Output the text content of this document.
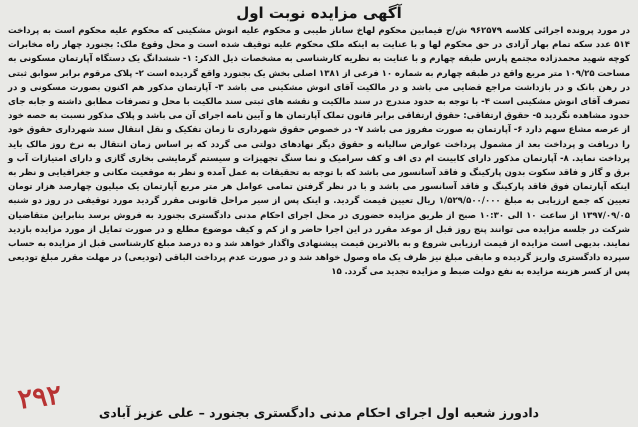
آگهی مزایده نوبت اول

در مورد پرونده اجرائی کلاسه ۹۶۲۵۷۹ ش/ح فیمابین محکوم لهاخ ساناز طیبی و محکوم علیه انوش مشکینی که محکوم علیه محکوم است به پرداخت ۵۱۴ عدد سکه تمام بهار آزادی در حق محکوم لها و با عنایت به اینکه ملک محکوم علیه توقیف شده است و محل وقوع ملک: بجنورد چهار راه مخابرات کوچه شهید محمدزاده مجتمع پارس طبقه چهارم و با عنایت به نظریه کارشناسی به مشخصات ذیل الذکر: ۱- ششدانگ یک دستگاه آپارتمان مسکونی به مساحت ۱۰۹/۲۵ متر مربع واقع در طبقه چهارم به شماره ۱۰ فرعی از ۱۳۸۱ اصلی بخش یک بجنورد واقع گردیده است ۲- پلاک مرقوم برابر سوابق ثبتی در رهن بانک و در بازداشت مراجع قضایی می باشد و در مالکیت آقای انوش مشکینی می باشد ۳- آپارتمان مذکور هم اکنون بصورت مسکونی و در تصرف آقای انوش مشکینی است ۴- با توجه به حدود مندرج در سند مالکیت و نقشه های ثبتی سند مالکیت با محل و تصرفات مطابق داشته و جابه جای حدود مشاهده نگردید ۵- حقوق ارتفاقی: حقوق ارتفاقی برابر قانون تملک آپارتمان ها و آیین نامه اجرای آن می باشد و پلاک مذکور نسبت به حصه خود از عرصه مشاع سهم دارد ۶- آپارتمان به صورت مفروز می باشد ۷- در خصوص حقوق شهرداری تا زمان تفکیک و نقل انتقال سند شهرداری حقوق خود را دریافت و پرداخت بعد از مشمول پرداخت عوارض سالیانه و حقوق دیگر نهادهای دولتی می گردد که بر اساس زمان انتقال به نرخ روز مالک باید پرداخت نماید. ۸- آپارتمان مذکور دارای کابینت ام دی اف و کف سرامیک و نما سنگ تجهیزات و سیستم گرمایشی بخاری گازی و دارای امتیازات آب و برق و گاز و فاقد سکوت بدون پارکینگ و فاقد آسانسور می باشد که با توجه به تحقیقات به عمل آمده و نظر به موقعیت مکانی و جغرافیایی و نظر به اینکه آپارتمان فوق فاقد پارکینگ و فاقد آسانسور می باشد و با در نظر گرفتن تمامی عوامل هر متر مربع آپارتمان یک میلیون چهارصد هزار تومان تعیین که جمع ارزیابی به مبلغ ۱/۵۲۹/۵۰۰/۰۰۰ ریال تعیین قیمت گردید. و اینک پس از سیر مراحل قانونی مقرر گردید مورد توقیفی در روز دو شنبه ۱۳۹۷/۰۹/۰۵ از ساعت ۱۰ الی ۱۰:۳۰ صبح از طریق مزایده حضوری در محل اجرای احکام مدنی دادگستری بجنورد به فروش برسد بنابراین متقاضیان شرکت در جلسه مزایده می توانند پنج روز قبل از موعد مقرر در این اجرا حاضر و از کم و کیف موضوع مطلع و در صورت تمایل از مورد مزایده بازدید نمایند. بدیهی است مزایده از قیمت ارزیابی شروع و به بالاترین قیمت پیشنهادی واگذار خواهد شد و ده درصد مبلغ کارشناسی قبل از مزایده به حساب سپرده دادگستری واریز گردیده و مابقی مبلغ نیز ظرف یک ماه وصول خواهد شد و در صورت عدم پرداخت الباقی (تودیعی) در مهلت مقرر مبلغ تودیعی پس از کسر هزینه مزایده به نفع دولت ضبط و مزایده تجدید می گردد. ۱۵

دادورز شعبه اول اجرای احکام مدنی دادگستری بجنورد – علی عزیز آبادی
۲۹۲
